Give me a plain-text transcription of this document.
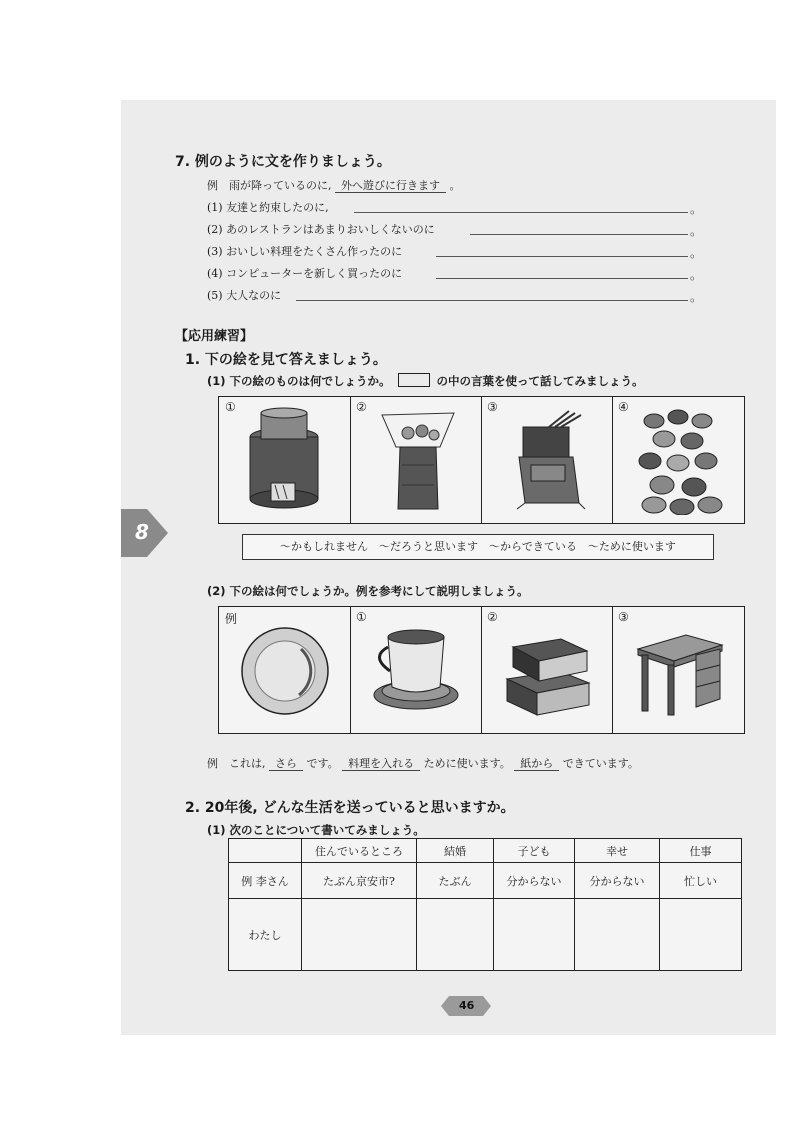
7. 例のように文を作りましょう。
例　雨が降っているのに, 外へ遊びに行きます 。
(1) 友達と約束したのに,	。
(2) あのレストランはあまりおいしくないのに	。
(3) おいしい料理をたくさん作ったのに	。
(4) コンピューターを新しく買ったのに	。
(5) 大人なのに	。
【応用練習】
1. 下の絵を見て答えましょう。
(1) 下の絵のものは何でしょうか。	の中の言葉を使って話してみましょう。
①	②	③	④
〜かもしれません　〜だろうと思います　〜からできている　〜ために使います
(2) 下の絵は何でしょうか。例を参考にして説明しましょう。
例	①	②	③
例　これは, さら です。 料理を入れる ために使います。 紙から できています。
2. 20年後, どんな生活を送っていると思いますか。
(1) 次のことについて書いてみましょう。
	住んでいるところ	結婚	子ども	幸せ	仕事
例 李さん	たぶん京安市?	たぶん	分からない	分からない	忙しい
わたし					
8
46
